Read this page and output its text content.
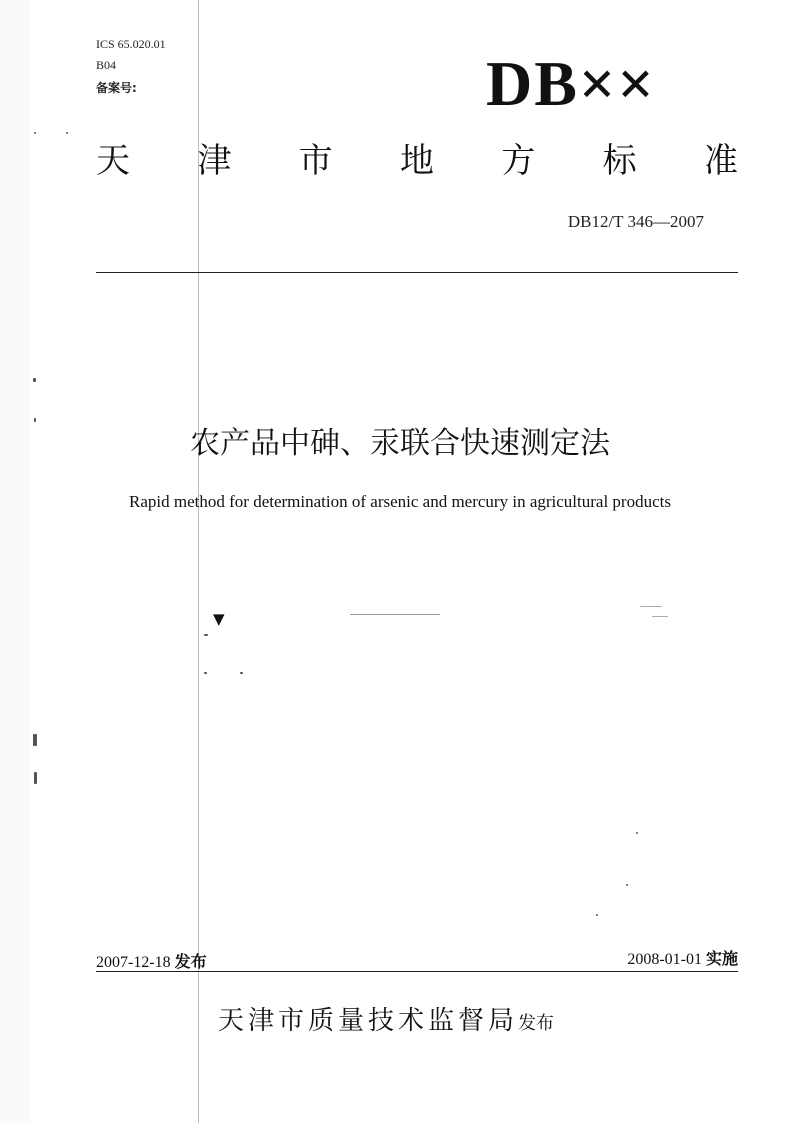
ICS 65.020.01
B04
备案号:	DB××
天 津 市 地 方 标 准
DB12/T 346—2007
农产品中砷、汞联合快速测定法
Rapid method for determination of arsenic and mercury in agricultural products
▼
2007-12-18 发布	2008-01-01 实施
天津市质量技术监督局发布
